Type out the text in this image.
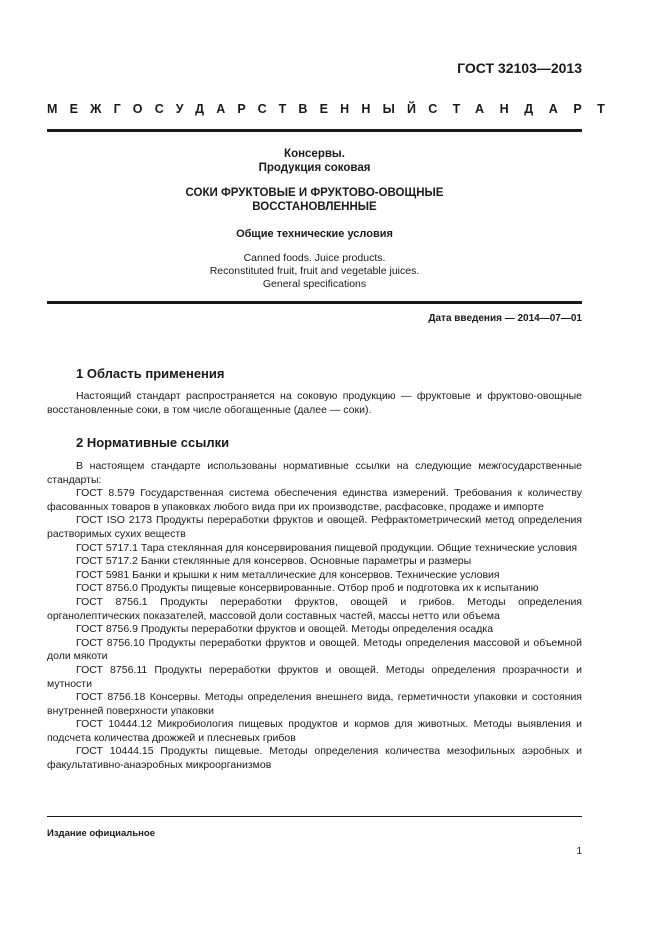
ГОСТ 32103—2013
МЕЖГОСУДАРСТВЕННЫЙ СТАНДАРТ
Консервы.
Продукция соковая
СОКИ ФРУКТОВЫЕ И ФРУКТОВО-ОВОЩНЫЕ
ВОССТАНОВЛЕННЫЕ
Общие технические условия
Canned foods. Juice products.
Reconstituted fruit, fruit and vegetable juices.
General specifications
Дата введения — 2014—07—01
1 Область применения

Настоящий стандарт распространяется на соковую продукцию — фруктовые и фруктово-овощные восстановленные соки, в том числе обогащенные (далее — соки).

2 Нормативные ссылки

В настоящем стандарте использованы нормативные ссылки на следующие межгосударственные стандарты:

ГОСТ 8.579 Государственная система обеспечения единства измерений. Требования к количеству фасованных товаров в упаковках любого вида при их производстве, расфасовке, продаже и импорте

ГОСТ ISO 2173 Продукты переработки фруктов и овощей. Рефрактометрический метод определения растворимых сухих веществ

ГОСТ 5717.1 Тара стеклянная для консервирования пищевой продукции. Общие технические условия

ГОСТ 5717.2 Банки стеклянные для консервов. Основные параметры и размеры

ГОСТ 5981 Банки и крышки к ним металлические для консервов. Технические условия

ГОСТ 8756.0 Продукты пищевые консервированные. Отбор проб и подготовка их к испытанию

ГОСТ 8756.1 Продукты переработки фруктов, овощей и грибов. Методы определения органолептических показателей, массовой доли составных частей, массы нетто или объема

ГОСТ 8756.9 Продукты переработки фруктов и овощей. Методы определения осадка

ГОСТ 8756.10 Продукты переработки фруктов и овощей. Методы определения массовой и объемной доли мякоти

ГОСТ 8756.11 Продукты переработки фруктов и овощей. Методы определения прозрачности и мутности

ГОСТ 8756.18 Консервы. Методы определения внешнего вида, герметичности упаковки и состояния внутренней поверхности упаковки

ГОСТ 10444.12 Микробиология пищевых продуктов и кормов для животных. Методы выявления и подсчета количества дрожжей и плесневых грибов

ГОСТ 10444.15 Продукты пищевые. Методы определения количества мезофильных аэробных и факультативно-анаэробных микроорганизмов

Издание официальное
1
